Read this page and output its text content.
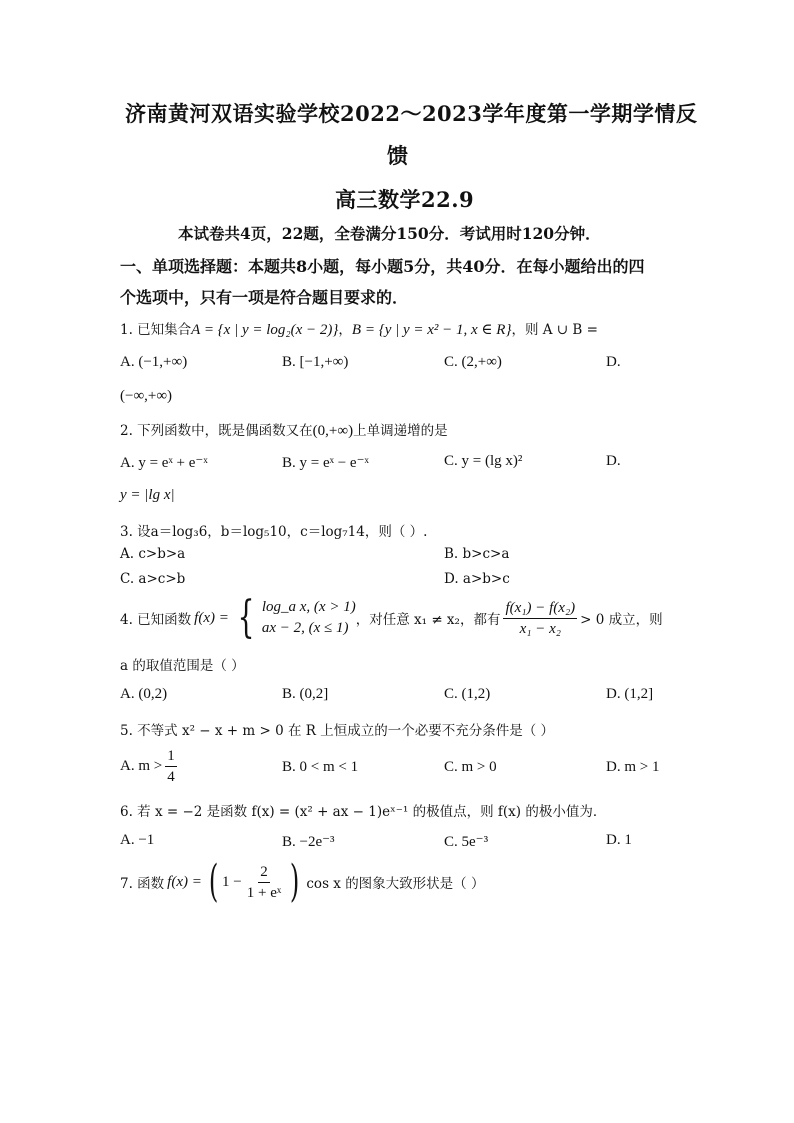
济南黄河双语实验学校2022～2023学年度第一学期学情反
馈
高三数学22.9
本试卷共4页，22题，全卷满分150分．考试用时120分钟．
一、单项选择题：本题共8小题，每小题5分，共40分．在每小题给出的四
个选项中，只有一项是符合题目要求的．
1. 已知集合A = {x | y = log₂(x − 2)}，B = {y | y = x² − 1, x ∈ R}，则 A ∪ B =
A. (−1,+∞)	B. [−1,+∞)	C. (2,+∞)	D.
(−∞,+∞)
2. 下列函数中，既是偶函数又在(0,+∞)上单调递增的是
A. y = eˣ + e⁻ˣ	B. y = eˣ − e⁻ˣ	C. y = (lg x)²	D.
y = |lg x|
3. 设a＝log₃6，b＝log₅10，c＝log₇14，则（ ）.
A. c>b>a	B. b>c>a
C. a>c>b	D. a>b>c
4. 已知函数 f(x) = { log_a x, (x > 1)
ax − 2, (x ≤ 1) ，对任意 x₁ ≠ x₂，都有 $\frac{\text{f(x₁) − f(x₂)}}{\text{x₁ − x₂}} > 0$ 成立，则
a 的取值范围是（ ）
A. (0,2)	B. (0,2]	C. (1,2)	D. (1,2]
5. 不等式 x² − x + m > 0 在 R 上恒成立的一个必要不充分条件是（ ）
A. $m > \frac{1}{4}$	B. 0 < m < 1	C. m > 0	D. m > 1
6. 若 x = −2 是函数 f(x) = (x² + ax − 1)eˣ⁻¹ 的极值点，则 f(x) 的极小值为．
A. −1	B. −2e⁻³	C. 5e⁻³	D. 1
7. 函数 f(x) = ( $1 - \frac{2}{\text{1 + eˣ}}$ ) cos x 的图象大致形状是（ ）
